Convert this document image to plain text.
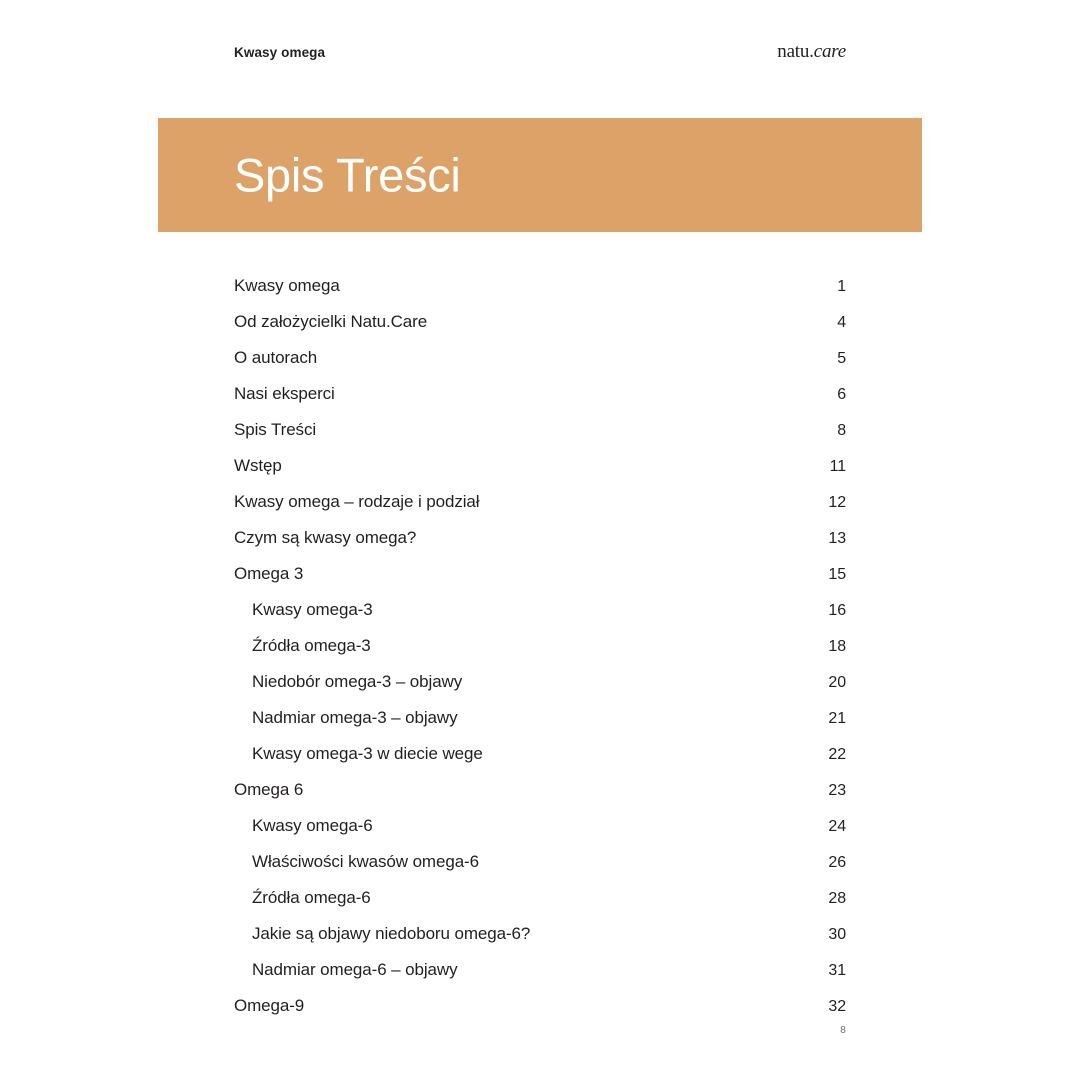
Kwasy omega	natu. care
Spis Treści
Kwasy omega	1
Od założycielki Natu.Care	4
O autorach	5
Nasi eksperci	6
Spis Treści	8
Wstęp	11
Kwasy omega – rodzaje i podział	12
Czym są kwasy omega?	13
Omega 3	15
Kwasy omega-3	16
Źródła omega-3	18
Niedobór omega-3 – objawy	20
Nadmiar omega-3 – objawy	21
Kwasy omega-3 w diecie wege	22
Omega 6	23
Kwasy omega-6	24
Właściwości kwasów omega-6	26
Źródła omega-6	28
Jakie są objawy niedoboru omega-6?	30
Nadmiar omega-6 – objawy	31
Omega-9	32
8
